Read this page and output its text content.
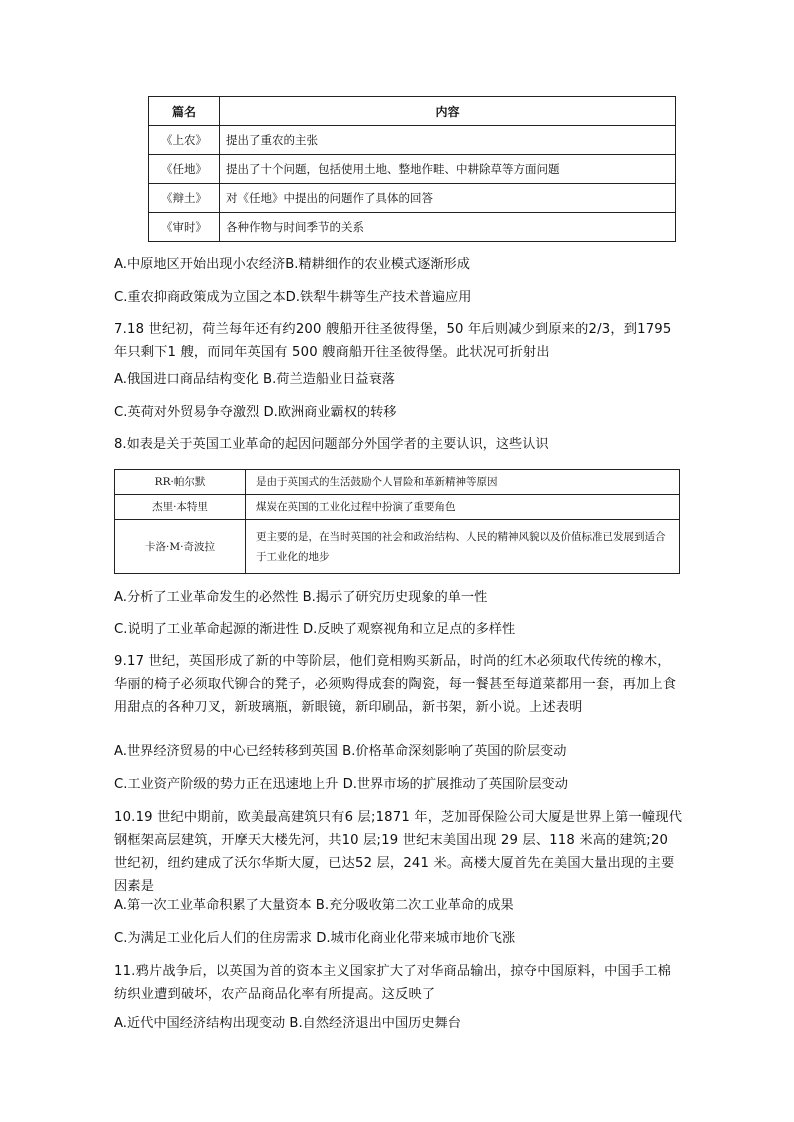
篇名	内容
《上农》	提出了重农的主张
《任地》	提出了十个问题，包括使用土地、整地作畦、中耕除草等方面问题
《辩土》	对《任地》中提出的问题作了具体的回答
《审时》	各种作物与时间季节的关系
A.中原地区开始出现小农经济B.精耕细作的农业模式逐渐形成
C.重农抑商政策成为立国之本D.铁犁牛耕等生产技术普遍应用
7.18 世纪初，荷兰每年还有约200 艘船开往圣彼得堡，50 年后则减少到原来的2/3，到1795 年只剩下1 艘，而同年英国有 500 艘商船开往圣彼得堡。此状况可折射出
A.俄国进口商品结构变化 B.荷兰造船业日益衰落
C.英荷对外贸易争夺激烈 D.欧洲商业霸权的转移
8.如表是关于英国工业革命的起因问题部分外国学者的主要认识，这些认识
RR·帕尔默	是由于英国式的生活鼓励个人冒险和革新精神等原因
杰里·本特里	煤炭在英国的工业化过程中扮演了重要角色
卡洛·M·奇波拉	更主要的是，在当时英国的社会和政治结构、人民的精神风貌以及价值标准已发展到适合于工业化的地步
A.分析了工业革命发生的必然性 B.揭示了研究历史现象的单一性
C.说明了工业革命起源的渐进性 D.反映了观察视角和立足点的多样性
9.17 世纪，英国形成了新的中等阶层，他们竟相购买新品，时尚的红木必须取代传统的橡木，华丽的椅子必须取代铆合的凳子，必须购得成套的陶瓷，每一餐甚至每道菜都用一套，再加上食用甜点的各种刀叉，新玻璃瓶，新眼镜，新印刷品，新书架，新小说。上述表明
A.世界经济贸易的中心已经转移到英国 B.价格革命深刻影响了英国的阶层变动
C.工业资产阶级的势力正在迅速地上升 D.世界市场的扩展推动了英国阶层变动
10.19 世纪中期前，欧美最高建筑只有6 层;1871 年，芝加哥保险公司大厦是世界上第一幢现代钢框架高层建筑，开摩天大楼先河，共10 层;19 世纪末美国出现 29 层、118 米高的建筑;20 世纪初，纽约建成了沃尔华斯大厦，已达52 层，241 米。高楼大厦首先在美国大量出现的主要因素是
A.第一次工业革命积累了大量资本 B.充分吸收第二次工业革命的成果
C.为满足工业化后人们的住房需求 D.城市化商业化带来城市地价飞涨
11.鸦片战争后，以英国为首的资本主义国家扩大了对华商品输出，掠夺中国原料，中国手工棉纺织业遭到破坏，农产品商品化率有所提高。这反映了
A.近代中国经济结构出现变动 B.自然经济退出中国历史舞台
